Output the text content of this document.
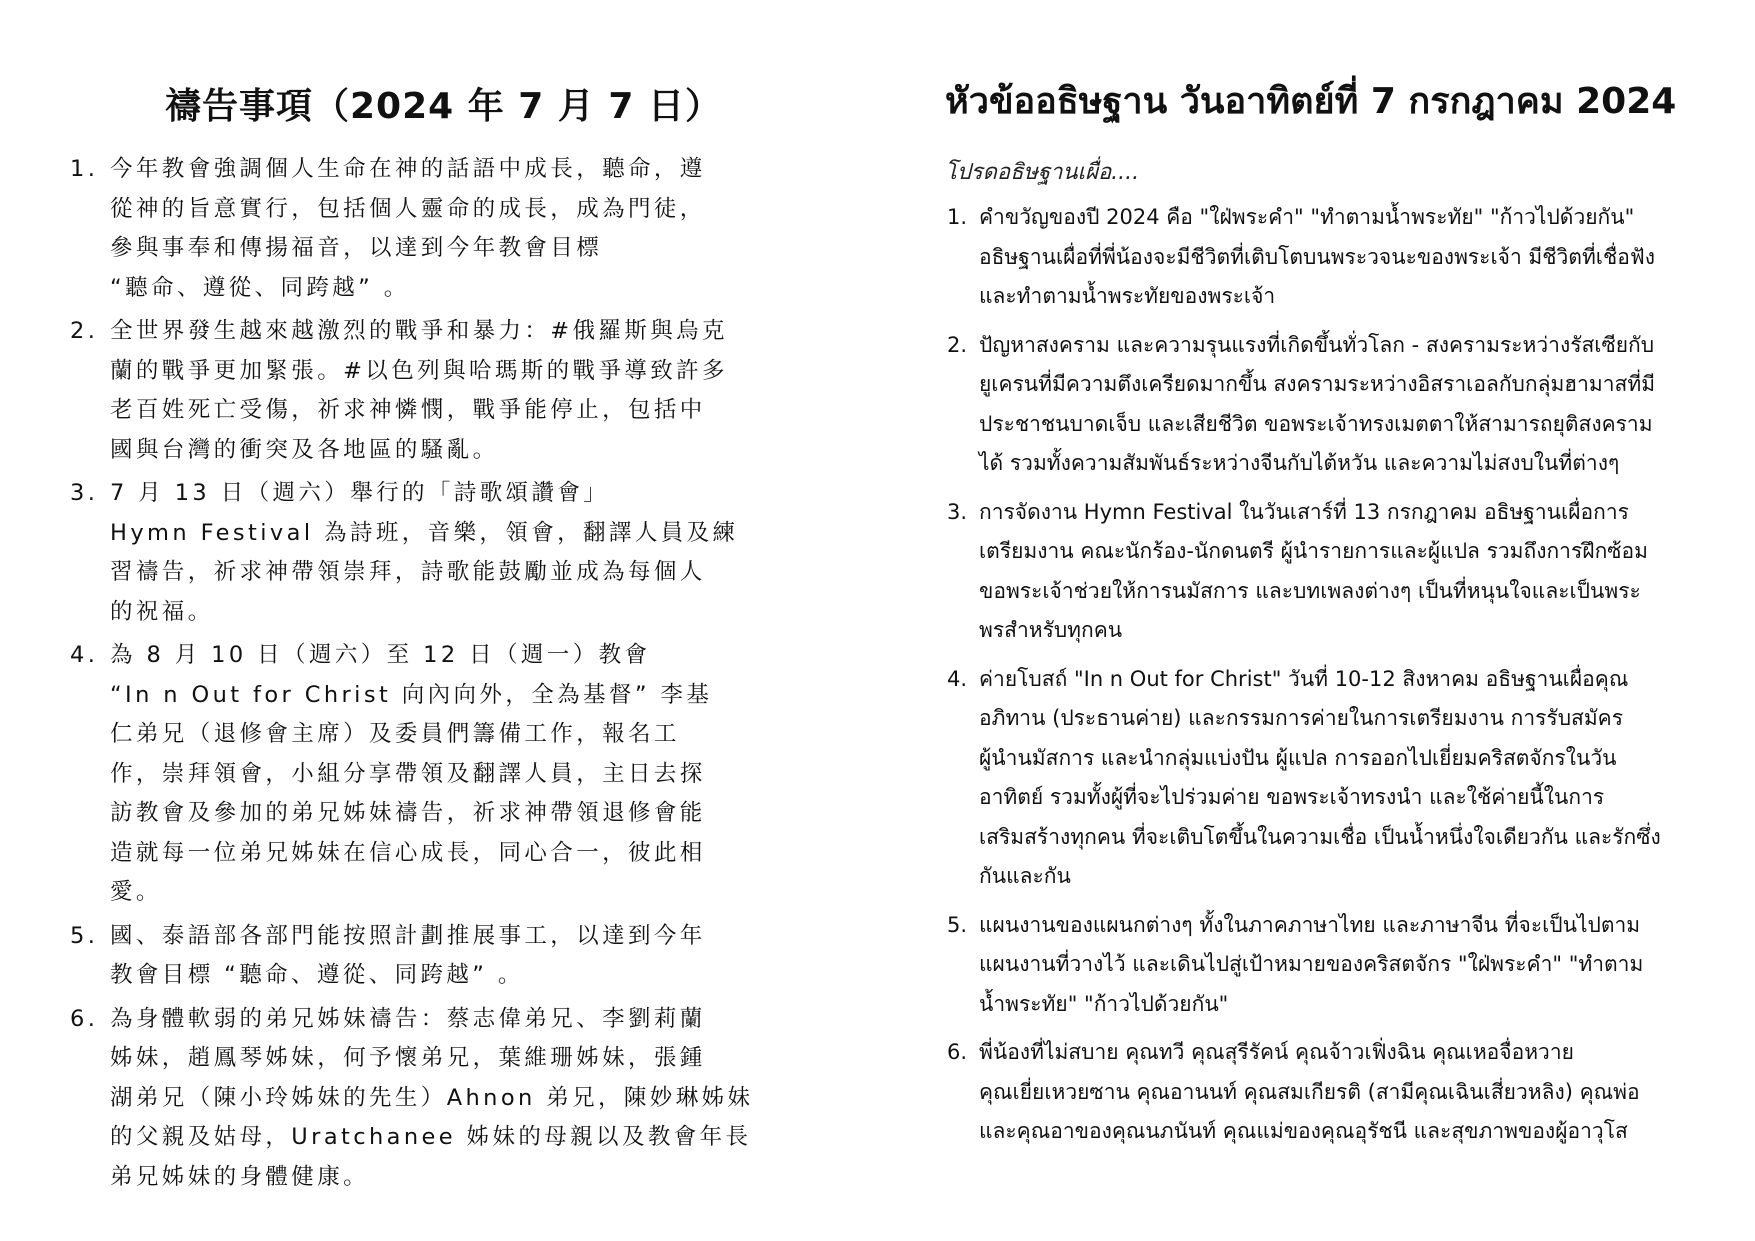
禱告事項（2024 年 7 月 7 日）
1. 今年教會強調個人生命在神的話語中成長，聽命，遵
從神的旨意實行，包括個人靈命的成長，成為門徒，
參與事奉和傳揚福音，以達到今年教會目標
“聽命、遵從、同跨越” 。
2. 全世界發生越來越激烈的戰爭和暴力：#俄羅斯與烏克
蘭的戰爭更加緊張。#以色列與哈瑪斯的戰爭導致許多
老百姓死亡受傷，祈求神憐憫，戰爭能停止，包括中
國與台灣的衝突及各地區的騷亂。
3. 7 月 13 日（週六）舉行的「詩歌頌讚會」
Hymn Festival 為詩班，音樂，領會，翻譯人員及練
習禱告，祈求神帶領崇拜，詩歌能鼓勵並成為每個人
的祝福。
4. 為 8 月 10 日（週六）至 12 日（週一）教會
“In n Out for Christ 向內向外，全為基督” 李基
仁弟兄（退修會主席）及委員們籌備工作，報名工
作，崇拜領會，小組分享帶領及翻譯人員，主日去探
訪教會及參加的弟兄姊妹禱告，祈求神帶領退修會能
造就每一位弟兄姊妹在信心成長，同心合一，彼此相
愛。
5. 國、泰語部各部門能按照計劃推展事工，以達到今年
教會目標 “聽命、遵從、同跨越” 。
6. 為身體軟弱的弟兄姊妹禱告：蔡志偉弟兄、李劉莉蘭
姊妹，趙鳳琴姊妹，何予懷弟兄，葉維珊姊妹，張鍾
湖弟兄（陳小玲姊妹的先生）Ahnon 弟兄，陳妙琳姊妹
的父親及姑母，Uratchanee 姊妹的母親以及教會年長
弟兄姊妹的身體健康。
หัวข้ออธิษฐาน วันอาทิตย์ที่ 7 กรกฎาคม 2024
โปรดอธิษฐานเผื่อ....
1. คำขวัญของปี 2024 คือ "ใฝ่พระคำ" "ทำตามน้ำพระทัย" "ก้าวไปด้วยกัน"
อธิษฐานเผื่อที่พี่น้องจะมีชีวิตที่เติบโตบนพระวจนะของพระเจ้า มีชีวิตที่เชื่อฟัง
และทำตามน้ำพระทัยของพระเจ้า
2. ปัญหาสงคราม และความรุนแรงที่เกิดขึ้นทั่วโลก - สงครามระหว่างรัสเซียกับ
ยูเครนที่มีความตึงเครียดมากขึ้น สงครามระหว่างอิสราเอลกับกลุ่มฮามาสที่มี
ประชาชนบาดเจ็บ และเสียชีวิต ขอพระเจ้าทรงเมตตาให้สามารถยุติสงคราม
ได้ รวมทั้งความสัมพันธ์ระหว่างจีนกับไต้หวัน และความไม่สงบในที่ต่างๆ
3. การจัดงาน Hymn Festival ในวันเสาร์ที่ 13 กรกฎาคม อธิษฐานเผื่อการ
เตรียมงาน คณะนักร้อง-นักดนตรี ผู้นำรายการและผู้แปล รวมถึงการฝึกซ้อม
ขอพระเจ้าช่วยให้การนมัสการ และบทเพลงต่างๆ เป็นที่หนุนใจและเป็นพระ
พรสำหรับทุกคน
4. ค่ายโบสถ์ "In n Out for Christ" วันที่ 10-12 สิงหาคม อธิษฐานเผื่อคุณ
อภิทาน (ประธานค่าย) และกรรมการค่ายในการเตรียมงาน การรับสมัคร
ผู้นำนมัสการ และนำกลุ่มแบ่งปัน ผู้แปล การออกไปเยี่ยมคริสตจักรในวัน
อาทิตย์ รวมทั้งผู้ที่จะไปร่วมค่าย ขอพระเจ้าทรงนำ และใช้ค่ายนี้ในการ
เสริมสร้างทุกคน ที่จะเติบโตขึ้นในความเชื่อ เป็นน้ำหนึ่งใจเดียวกัน และรักซึ่ง
กันและกัน
5. แผนงานของแผนกต่างๆ ทั้งในภาคภาษาไทย และภาษาจีน ที่จะเป็นไปตาม
แผนงานที่วางไว้ และเดินไปสู่เป้าหมายของคริสตจักร "ใฝ่พระคำ" "ทำตาม
น้ำพระทัย" "ก้าวไปด้วยกัน"
6. พี่น้องที่ไม่สบาย คุณทวี คุณสุรีรัคน์ คุณจ้าวเฟิ่งฉิน คุณเหอจื่อหวาย
คุณเยี่ยเหวยซาน คุณอานนท์ คุณสมเกียรติ (สามีคุณเฉินเสี่ยวหลิง) คุณพ่อ
และคุณอาของคุณนภนันท์ คุณแม่ของคุณอุรัชนี และสุขภาพของผู้อาวุโส
